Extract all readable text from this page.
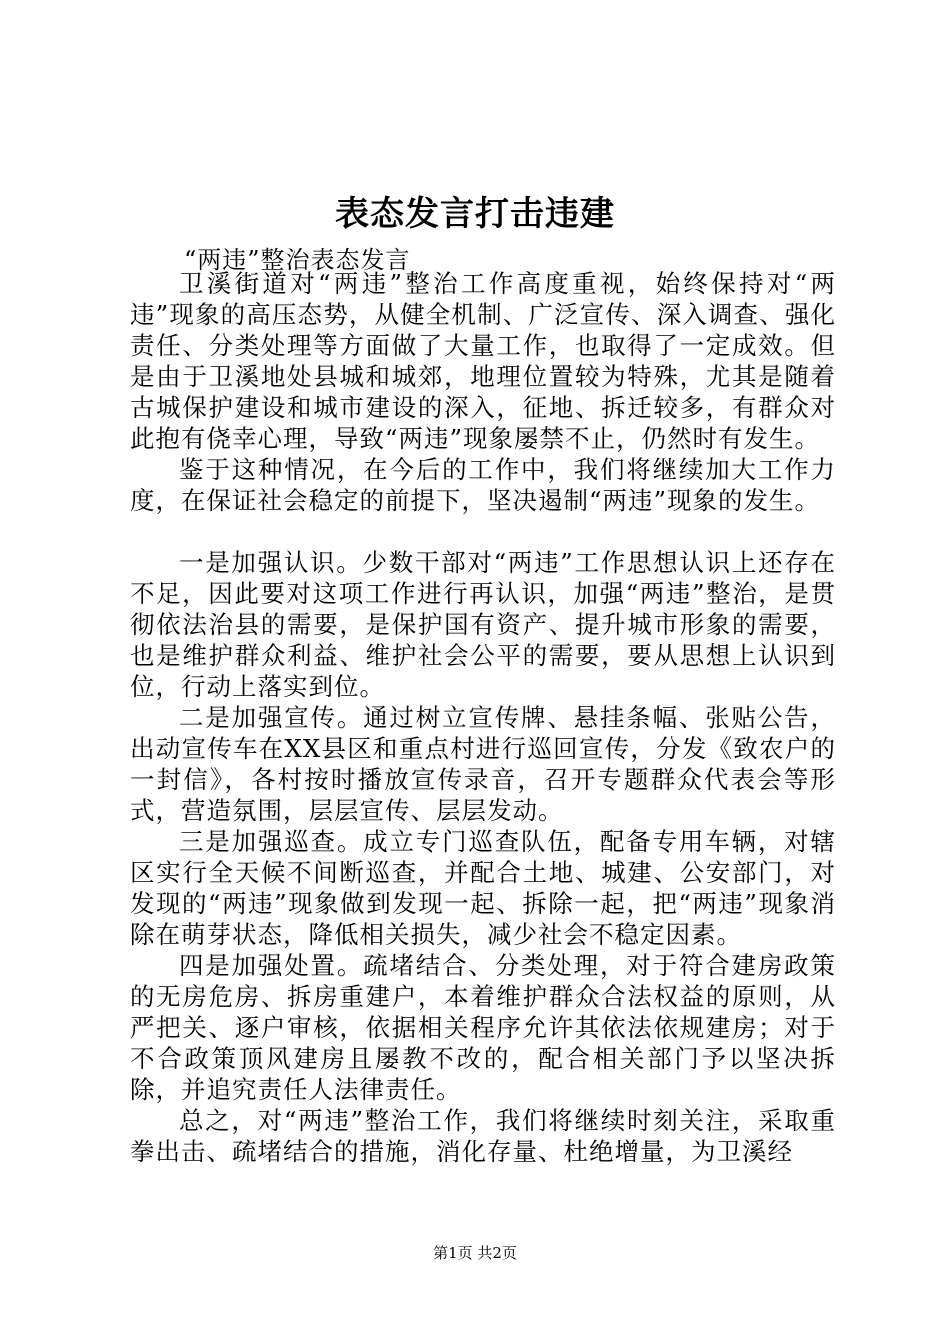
表态发言打击违建
“两违”整治表态发言

卫溪街道对“两违”整治工作高度重视，始终保持对“两违”现象的高压态势，从健全机制、广泛宣传、深入调查、强化责任、分类处理等方面做了大量工作，也取得了一定成效。但是由于卫溪地处县城和城郊，地理位置较为特殊，尤其是随着古城保护建设和城市建设的深入，征地、拆迁较多，有群众对此抱有侥幸心理，导致“两违”现象屡禁不止，仍然时有发生。

鉴于这种情况，在今后的工作中，我们将继续加大工作力度，在保证社会稳定的前提下，坚决遏制“两违”现象的发生。

一是加强认识。少数干部对“两违”工作思想认识上还存在不足，因此要对这项工作进行再认识，加强“两违”整治，是贯彻依法治县的需要，是保护国有资产、提升城市形象的需要，也是维护群众利益、维护社会公平的需要，要从思想上认识到位，行动上落实到位。

二是加强宣传。通过树立宣传牌、悬挂条幅、张贴公告，出动宣传车在XX县区和重点村进行巡回宣传，分发《致农户的一封信》，各村按时播放宣传录音，召开专题群众代表会等形式，营造氛围，层层宣传、层层发动。

三是加强巡查。成立专门巡查队伍，配备专用车辆，对辖区实行全天候不间断巡查，并配合土地、城建、公安部门，对发现的“两违”现象做到发现一起、拆除一起，把“两违”现象消除在萌芽状态，降低相关损失，减少社会不稳定因素。

四是加强处置。疏堵结合、分类处理，对于符合建房政策的无房危房、拆房重建户，本着维护群众合法权益的原则，从严把关、逐户审核，依据相关程序允许其依法依规建房；对于不合政策顶风建房且屡教不改的，配合相关部门予以坚决拆除，并追究责任人法律责任。

总之，对“两违”整治工作，我们将继续时刻关注，采取重拳出击、疏堵结合的措施，消化存量、杜绝增量，为卫溪经

第1页 共2页
